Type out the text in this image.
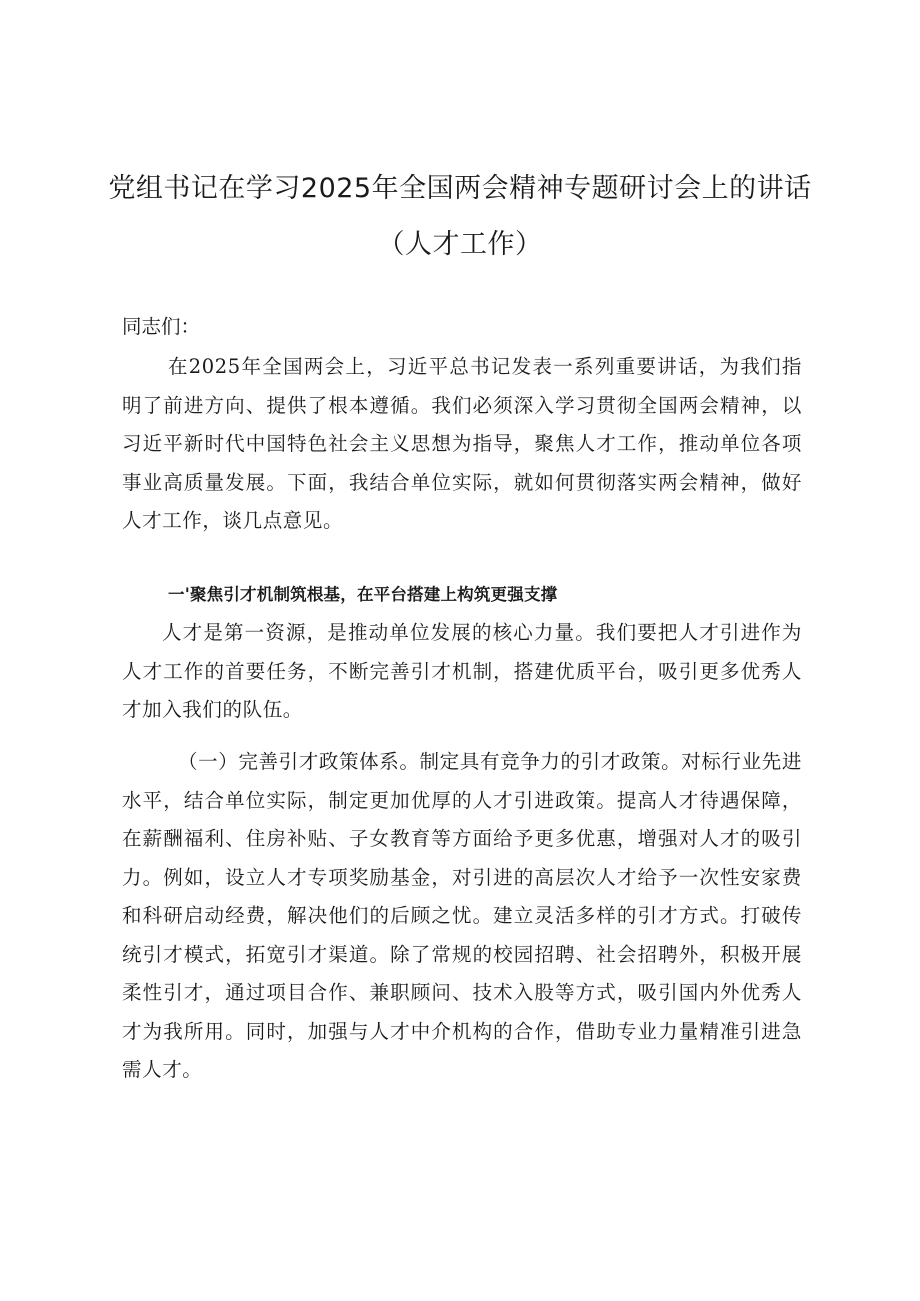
党组书记在学习2025年全国两会精神专题研讨会上的讲话
（人才工作）

同志们：

在2025年全国两会上，习近平总书记发表一系列重要讲话，为我们指明了前进方向、提供了根本遵循。我们必须深入学习贯彻全国两会精神，以习近平新时代中国特色社会主义思想为指导，聚焦人才工作，推动单位各项事业高质量发展。下面，我结合单位实际，就如何贯彻落实两会精神，做好人才工作，谈几点意见。

一'聚焦引才机制筑根基，在平台搭建上构筑更强支撑

人才是第一资源，是推动单位发展的核心力量。我们要把人才引进作为人才工作的首要任务，不断完善引才机制，搭建优质平台，吸引更多优秀人才加入我们的队伍。

（一）完善引才政策体系。制定具有竞争力的引才政策。对标行业先进水平，结合单位实际，制定更加优厚的人才引进政策。提高人才待遇保障，在薪酬福利、住房补贴、子女教育等方面给予更多优惠，增强对人才的吸引力。例如，设立人才专项奖励基金，对引进的高层次人才给予一次性安家费和科研启动经费，解决他们的后顾之忧。建立灵活多样的引才方式。打破传统引才模式，拓宽引才渠道。除了常规的校园招聘、社会招聘外，积极开展柔性引才，通过项目合作、兼职顾问、技术入股等方式，吸引国内外优秀人才为我所用。同时，加强与人才中介机构的合作，借助专业力量精准引进急需人才。
